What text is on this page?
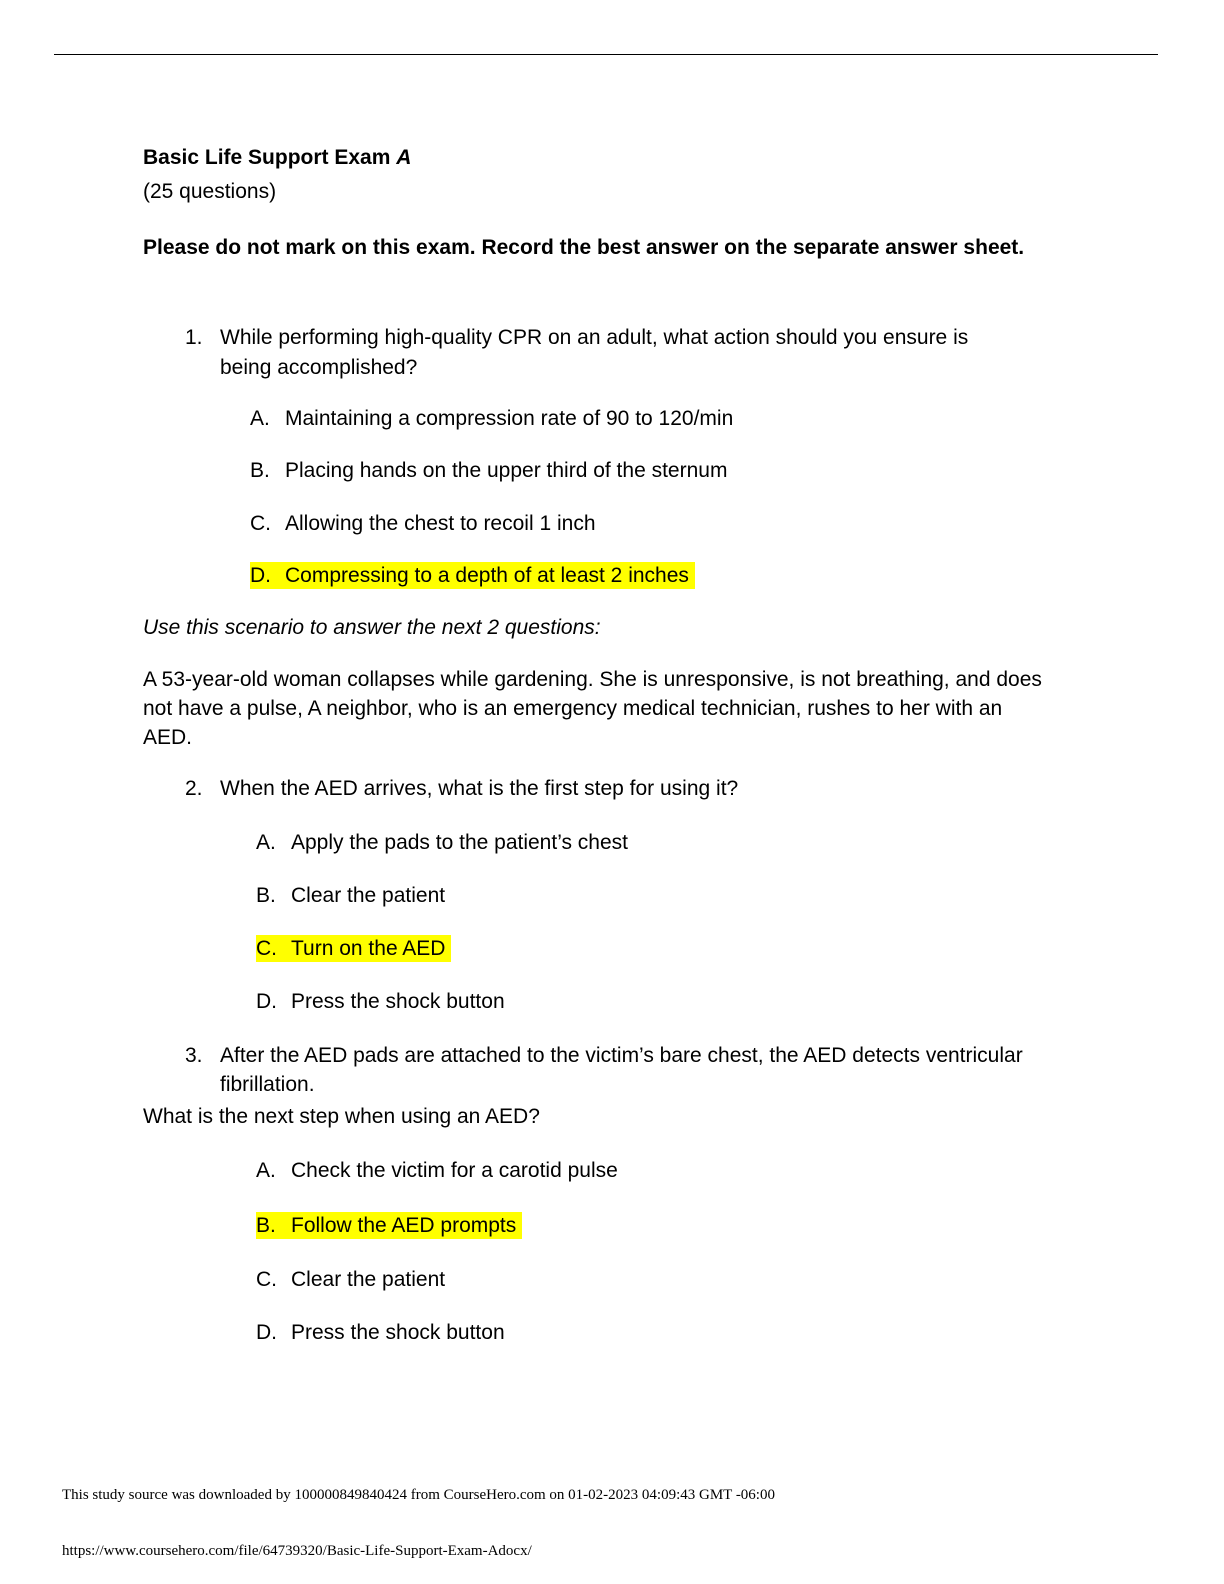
Basic Life Support Exam A
(25 questions)
Please do not mark on this exam. Record the best answer on the separate answer sheet.
1. While performing high-quality CPR on an adult, what action should you ensure is
being accomplished?
A. Maintaining a compression rate of 90 to 120/min
B. Placing hands on the upper third of the sternum
C. Allowing the chest to recoil 1 inch
D. Compressing to a depth of at least 2 inches
Use this scenario to answer the next 2 questions:
A 53-year-old woman collapses while gardening. She is unresponsive, is not breathing, and does
not have a pulse, A neighbor, who is an emergency medical technician, rushes to her with an
AED.
2. When the AED arrives, what is the first step for using it?
A. Apply the pads to the patient’s chest
B. Clear the patient
C. Turn on the AED
D. Press the shock button
3. After the AED pads are attached to the victim’s bare chest, the AED detects ventricular
fibrillation.
What is the next step when using an AED?
A. Check the victim for a carotid pulse
B. Follow the AED prompts
C. Clear the patient
D. Press the shock button
This study source was downloaded by 100000849840424 from CourseHero.com on 01-02-2023 04:09:43 GMT -06:00
https://www.coursehero.com/file/64739320/Basic-Life-Support-Exam-Adocx/
